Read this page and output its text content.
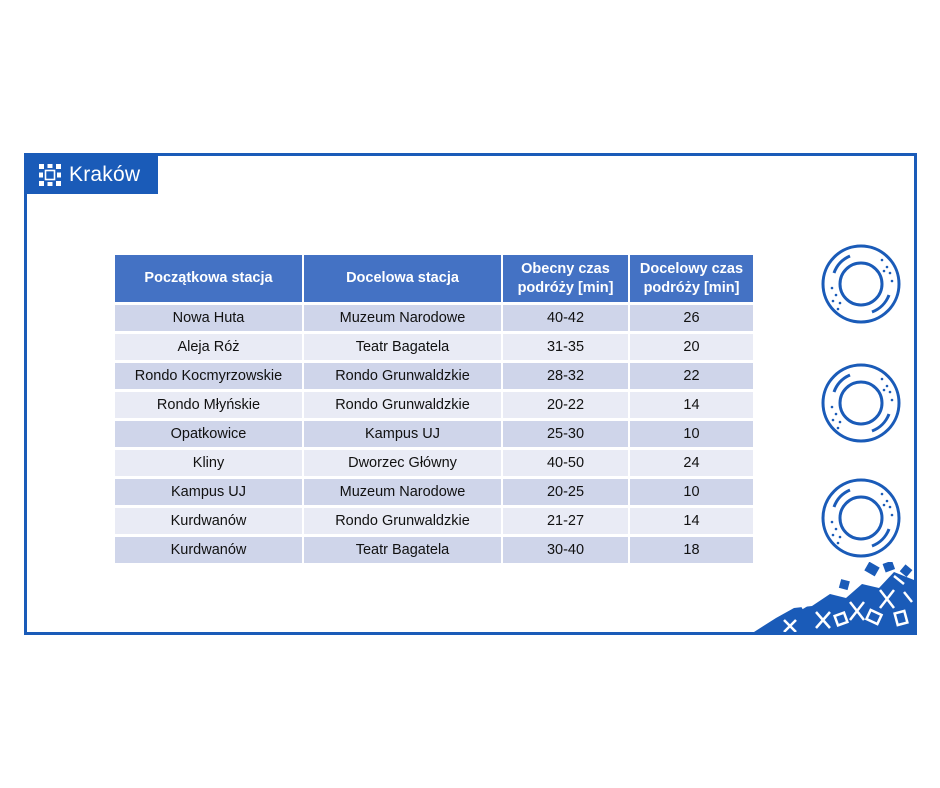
Kraków
Początkowa stacja	Docelowa stacja	Obecny czas podróży [min]	Docelowy czas podróży [min]

Nowa Huta	Muzeum Narodowe	40-42	26
Aleja Róż	Teatr Bagatela	31-35	20
Rondo Kocmyrzowskie	Rondo Grunwaldzkie	28-32	22
Rondo Młyńskie	Rondo Grunwaldzkie	20-22	14
Opatkowice	Kampus UJ	25-30	10
Kliny	Dworzec Główny	40-50	24
Kampus UJ	Muzeum Narodowe	20-25	10
Kurdwanów	Rondo Grunwaldzkie	21-27	14
Kurdwanów	Teatr Bagatela	30-40	18
